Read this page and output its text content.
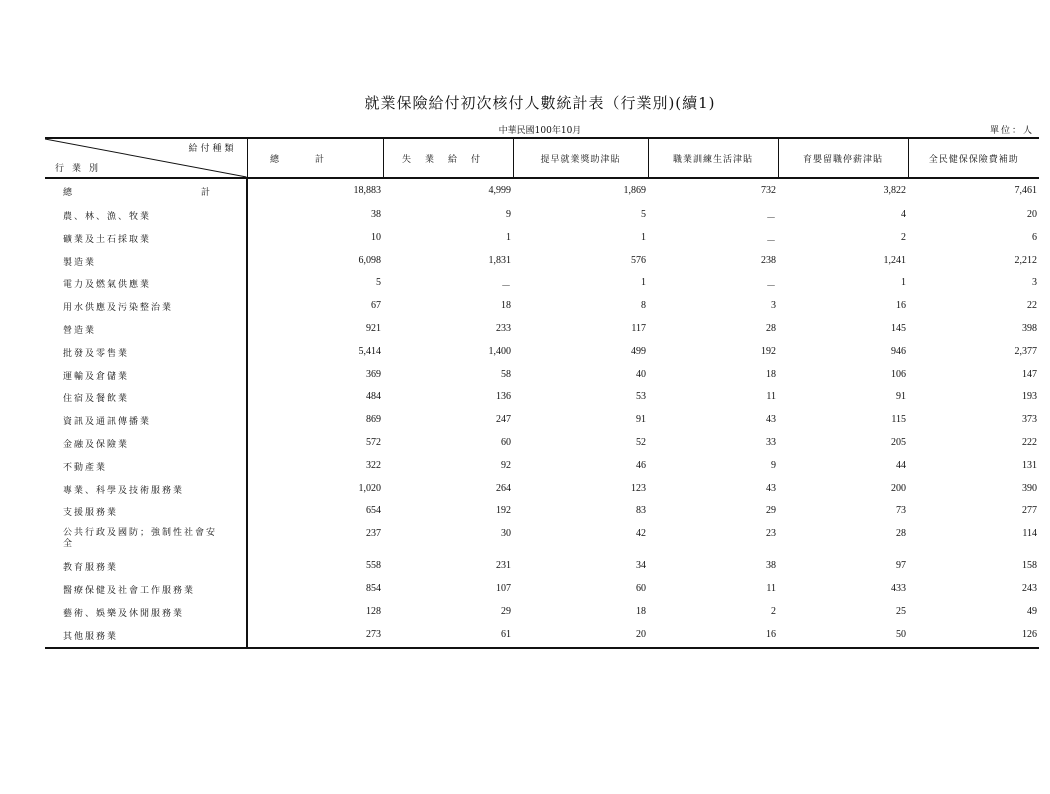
就業保險給付初次核付人數統計表（行業別)(續1)
中華民國100年10月	單位：人
給付種類
行業別	總計	失業給付	提早就業獎助津貼	職業訓練生活津貼	育嬰留職停薪津貼	全民健保保險費補助

總 計	18,883	4,999	1,869	732	3,822	7,461
農、林、漁、牧業	38	9	5	－	4	20
礦業及土石採取業	10	1	1	－	2	6
製造業	6,098	1,831	576	238	1,241	2,212
電力及燃氣供應業	5	－	1	－	1	3
用水供應及污染整治業	67	18	8	3	16	22
營造業	921	233	117	28	145	398
批發及零售業	5,414	1,400	499	192	946	2,377
運輸及倉儲業	369	58	40	18	106	147
住宿及餐飲業	484	136	53	11	91	193
資訊及通訊傳播業	869	247	91	43	115	373
金融及保險業	572	60	52	33	205	222
不動產業	322	92	46	9	44	131
專業、科學及技術服務業	1,020	264	123	43	200	390
支援服務業	654	192	83	29	73	277
公共行政及國防；強制性社會安全	237	30	42	23	28	114
教育服務業	558	231	34	38	97	158
醫療保健及社會工作服務業	854	107	60	11	433	243
藝術、娛樂及休閒服務業	128	29	18	2	25	49
其他服務業	273	61	20	16	50	126
